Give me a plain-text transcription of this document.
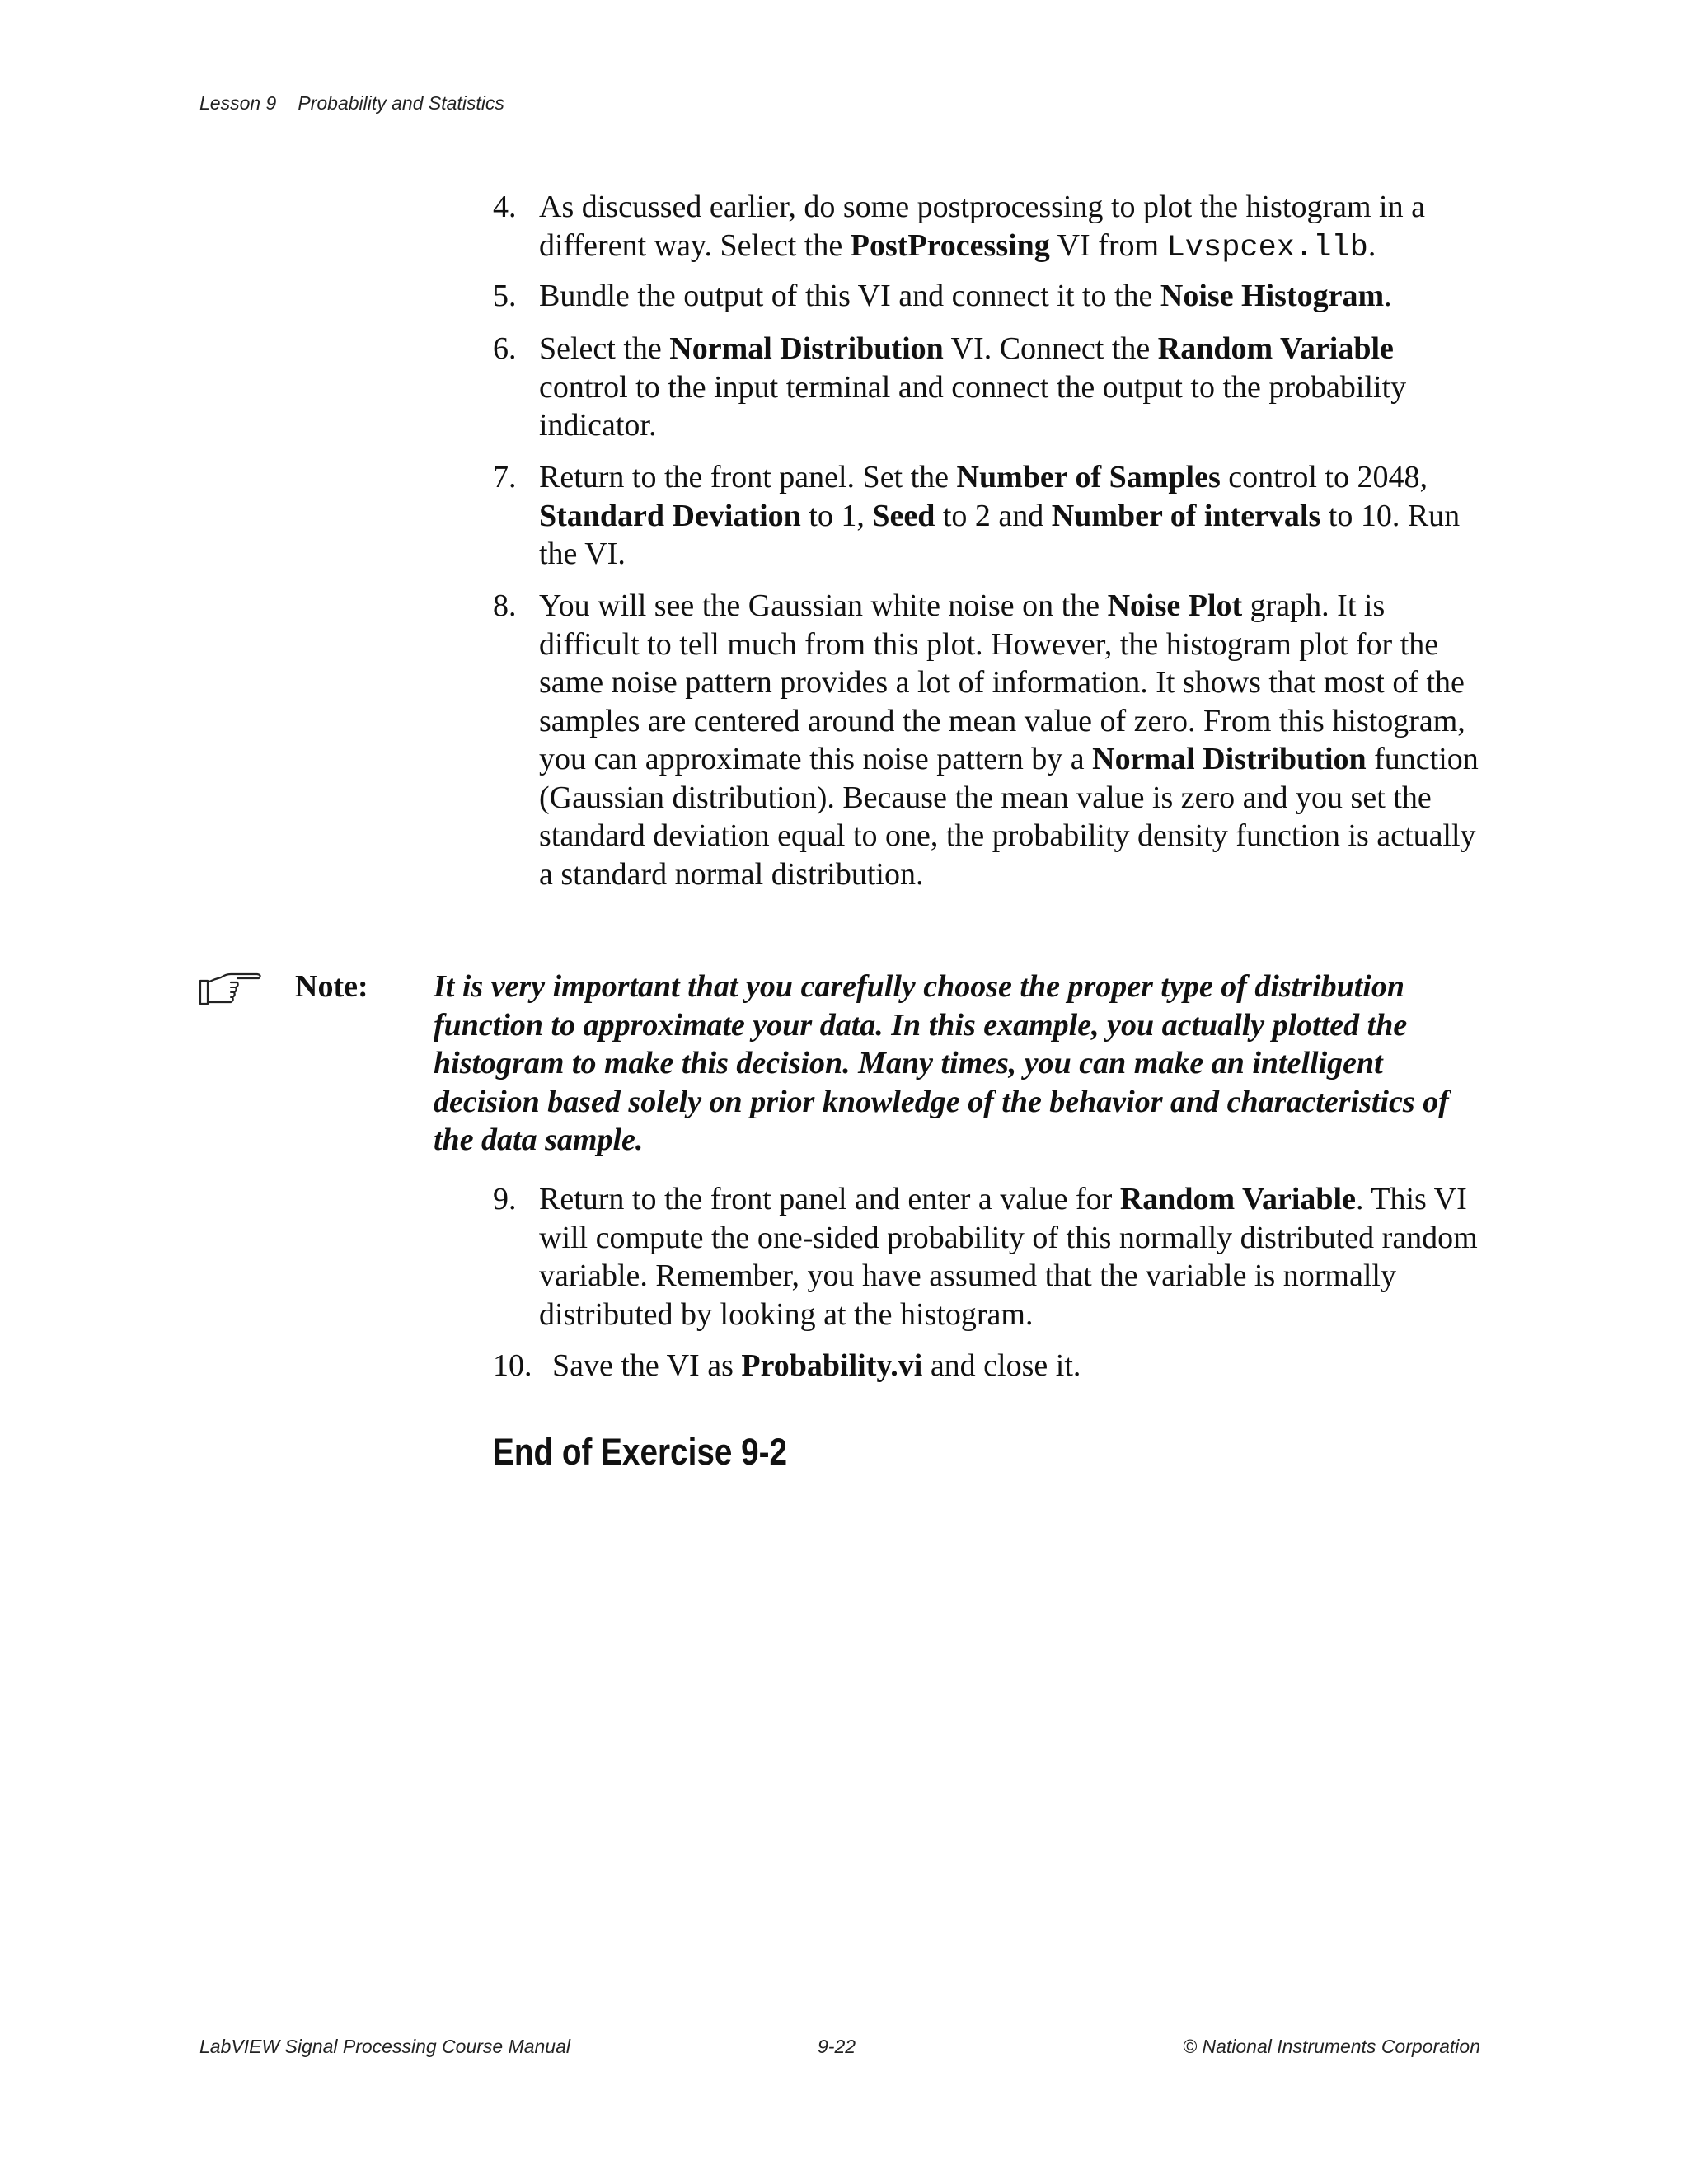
Lesson 9 Probability and Statistics
4. As discussed earlier, do some postprocessing to plot the histogram in a different way. Select the PostProcessing VI from Lvspcex.llb.
5. Bundle the output of this VI and connect it to the Noise Histogram.
6. Select the Normal Distribution VI. Connect the Random Variable control to the input terminal and connect the output to the probability indicator.
7. Return to the front panel. Set the Number of Samples control to 2048, Standard Deviation to 1, Seed to 2 and Number of intervals to 10. Run the VI.
8. You will see the Gaussian white noise on the Noise Plot graph. It is difficult to tell much from this plot. However, the histogram plot for the same noise pattern provides a lot of information. It shows that most of the samples are centered around the mean value of zero. From this histogram, you can approximate this noise pattern by a Normal Distribution function (Gaussian distribution). Because the mean value is zero and you set the standard deviation equal to one, the probability density function is actually a standard normal distribution.
Note: It is very important that you carefully choose the proper type of distribution function to approximate your data. In this example, you actually plotted the histogram to make this decision. Many times, you can make an intelligent decision based solely on prior knowledge of the behavior and characteristics of the data sample.
9. Return to the front panel and enter a value for Random Variable. This VI will compute the one-sided probability of this normally distributed random variable. Remember, you have assumed that the variable is normally distributed by looking at the histogram.
10. Save the VI as Probability.vi and close it.
End of Exercise 9-2
LabVIEW Signal Processing Course Manual	9-22	© National Instruments Corporation
